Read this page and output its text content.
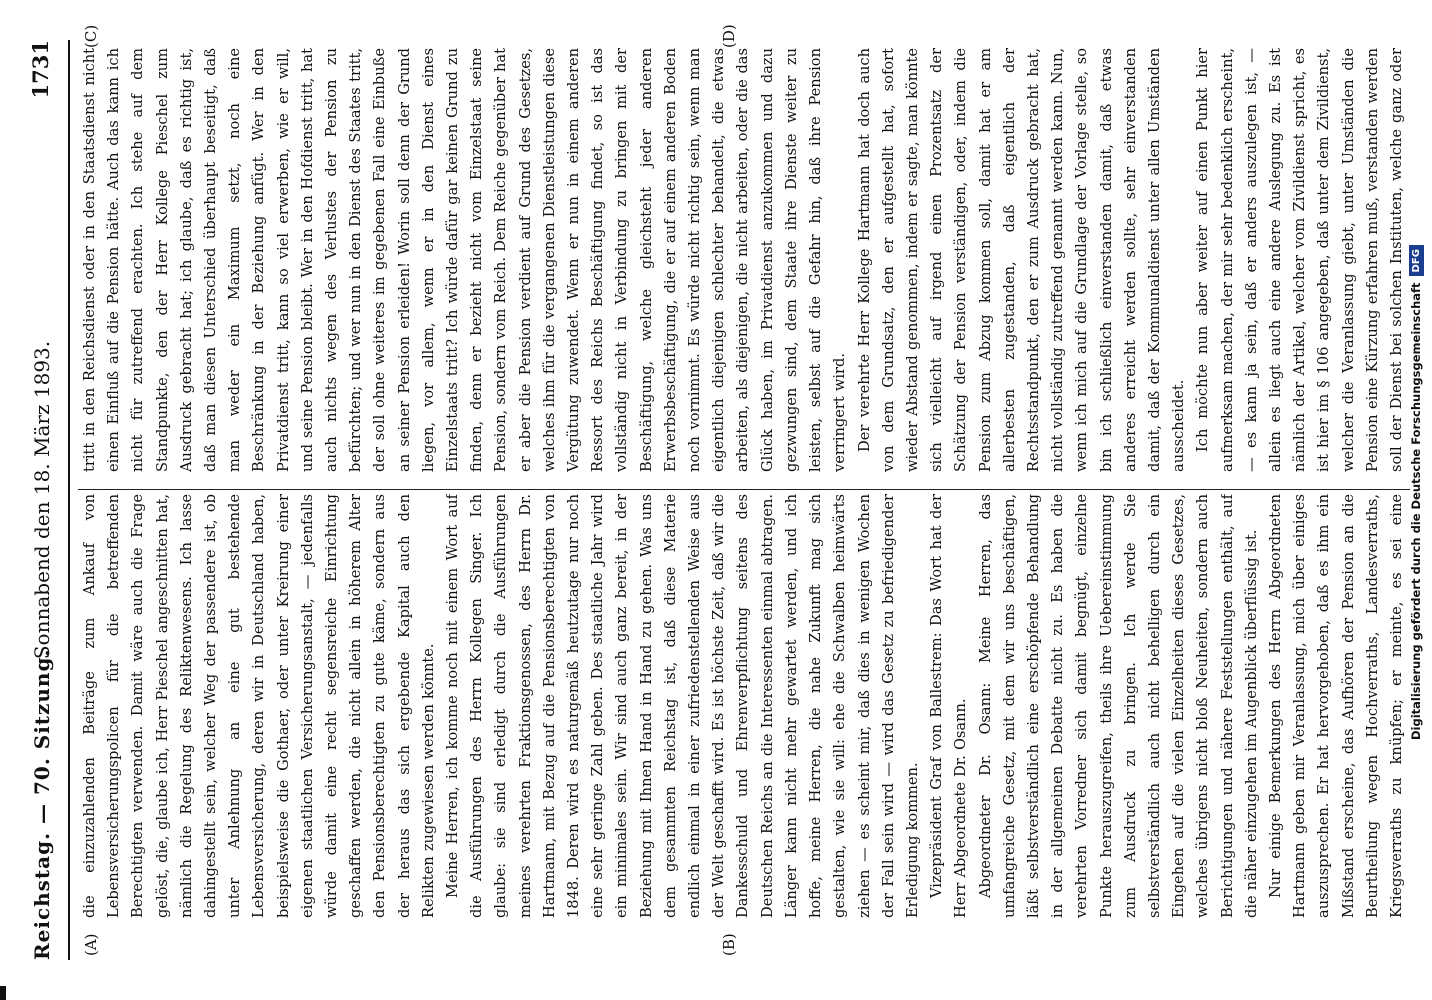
Reichstag. — 70. Sitzung.
Sonnabend den 18. März 1893.
1731
(A)	(B)
(C)	(D)

die einzuzahlenden Beiträge zum Ankauf von Lebensversicherungspolicen für die betreffenden Berechtigten verwenden. Damit wäre auch die Frage gelöst, die, glaube ich, Herr Pieschel angeschnitten hat, nämlich die Regelung des Reliktenwesens. Ich lasse dahingestellt sein, welcher Weg der passendere ist, ob unter Anlehnung an eine gut bestehende Lebensversicherung, deren wir in Deutschland haben, beispielsweise die Gothaer, oder unter Kreirung einer eigenen staatlichen Versicherungsanstalt, — jedenfalls würde damit eine recht segensreiche Einrichtung geschaffen werden, die nicht allein in höherem Alter den Pensionsberechtigten zu gute käme, sondern aus der heraus das sich ergebende Kapital auch den Relikten zugewiesen werden könnte. Meine Herren, ich komme noch mit einem Wort auf die Ausführungen des Herrn Kollegen Singer. Ich glaube: sie sind erledigt durch die Ausführungen meines verehrten Fraktionsgenossen, des Herrn Dr. Hartmann, mit Bezug auf die Pensionsberechtigten von 1848. Deren wird es naturgemäß heutzutage nur noch eine sehr geringe Zahl geben. Des staatliche Jahr wird ein minimales sein. Wir sind auch ganz bereit, in der Beziehung mit Ihnen Hand in Hand zu gehen. Was uns dem gesammten Reichstag ist, daß diese Materie endlich einmal in einer zufriedenstellenden Weise aus der Welt geschafft wird. Es ist höchste Zeit, daß wir die Dankesschuld und Ehrenverpflichtung seitens des Deutschen Reichs an die Interessenten einmal abtragen. Länger kann nicht mehr gewartet werden, und ich hoffe, meine Herren, die nahe Zukunft mag sich gestalten, wie sie will: ehe die Schwalben heimwärts ziehen — es scheint mir, daß dies in wenigen Wochen der Fall sein wird — wird das Gesetz zu befriedigender Erledigung kommen. Vizepräsident Graf von Ballestrem: Das Wort hat der Herr Abgeordnete Dr. Osann. Abgeordneter Dr. Osann: Meine Herren, das umfangreiche Gesetz, mit dem wir uns beschäftigen, läßt selbstverständlich eine erschöpfende Behandlung in der allgemeinen Debatte nicht zu. Es haben die verehrten Vorredner sich damit begnügt, einzelne Punkte herauszugreifen, theils ihre Uebereinstimmung zum Ausdruck zu bringen. Ich werde Sie selbstverständlich auch nicht behelligen durch ein Eingehen auf die vielen Einzelheiten dieses Gesetzes, welches übrigens nicht bloß Neuheiten, sondern auch Berichtigungen und nähere Feststellungen enthält, auf die näher einzugehen im Augenblick überflüssig ist. Nur einige Bemerkungen des Herrn Abgeordneten Hartmann geben mir Veranlassung, mich über einiges auszusprechen. Er hat hervorgehoben, daß es ihm ein Mißstand erscheine, das Aufhören der Pension an die Beurtheilung wegen Hochverraths, Landesverraths, Kriegsverraths zu knüpfen; er meinte, es sei eine

tritt in den Reichsdienst oder in den Staatsdienst nicht einen Einfluß auf die Pension hätte. Auch das kann ich nicht für zutreffend erachten. Ich stehe auf dem Standpunkte, den der Herr Kollege Pieschel zum Ausdruck gebracht hat; ich glaube, daß es richtig ist, daß man diesen Unterschied überhaupt beseitigt, daß man weder ein Maximum setzt, noch eine Beschränkung in der Beziehung anfügt. Wer in den Privatdienst tritt, kann so viel erwerben, wie er will, und seine Pension bleibt. Wer in den Hofdienst tritt, hat auch nichts wegen des Verlustes der Pension zu befürchten; und wer nun in den Dienst des Staates tritt, der soll ohne weiteres im gegebenen Fall eine Einbuße an seiner Pension erleiden! Worin soll denn der Grund liegen, vor allem, wenn er in den Dienst eines Einzelstaats tritt? Ich würde dafür gar keinen Grund zu finden, denn er bezieht nicht vom Einzelstaat seine Pension, sondern vom Reich. Dem Reiche gegenüber hat er aber die Pension verdient auf Grund des Gesetzes, welches ihm für die vergangenen Dienstleistungen diese Vergütung zuwendet. Wenn er nun in einem anderen Ressort des Reichs Beschäftigung findet, so ist das vollständig nicht in Verbindung zu bringen mit der Beschäftigung, welche gleichsteht jeder anderen Erwerbsbeschäftigung, die er auf einem anderen Boden noch vornimmt. Es würde nicht richtig sein, wenn man eigentlich diejenigen schlechter behandelt, die etwas arbeiten, als diejenigen, die nicht arbeiten, oder die das Glück haben, im Privatdienst anzukommen und dazu gezwungen sind, dem Staate ihre Dienste weiter zu leisten, selbst auf die Gefahr hin, daß ihre Pension verringert wird. Der verehrte Herr Kollege Hartmann hat doch auch von dem Grundsatz, den er aufgestellt hat, sofort wieder Abstand genommen, indem er sagte, man könnte sich vielleicht auf irgend einen Prozentsatz der Schätzung der Pension verständigen, oder, indem die Pension zum Abzug kommen soll, damit hat er am allerbesten zugestanden, daß eigentlich der Rechtsstandpunkt, den er zum Ausdruck gebracht hat, nicht vollständig zutreffend genannt werden kann. Nun, wenn ich mich auf die Grundlage der Vorlage stelle, so bin ich schließlich einverstanden damit, daß etwas anderes erreicht werden sollte, sehr einverstanden damit, daß der Kommunaldienst unter allen Umständen ausscheidet. Ich möchte nun aber weiter auf einen Punkt hier aufmerksam machen, der mir sehr bedenklich erscheint, — es kann ja sein, daß er anders auszulegen ist, — allein es liegt auch eine andere Auslegung zu. Es ist nämlich der Artikel, welcher vom Zivildienst spricht, es ist hier im § 106 angegeben, daß unter dem Zivildienst, welcher die Veranlassung giebt, unter Umständen die Pension eine Kürzung erfahren muß, verstanden werden soll der Dienst bei solchen Instituten, welche ganz oder

Digitalisierung gefördert durch die Deutsche ForschungsgemeinschaftDFG
